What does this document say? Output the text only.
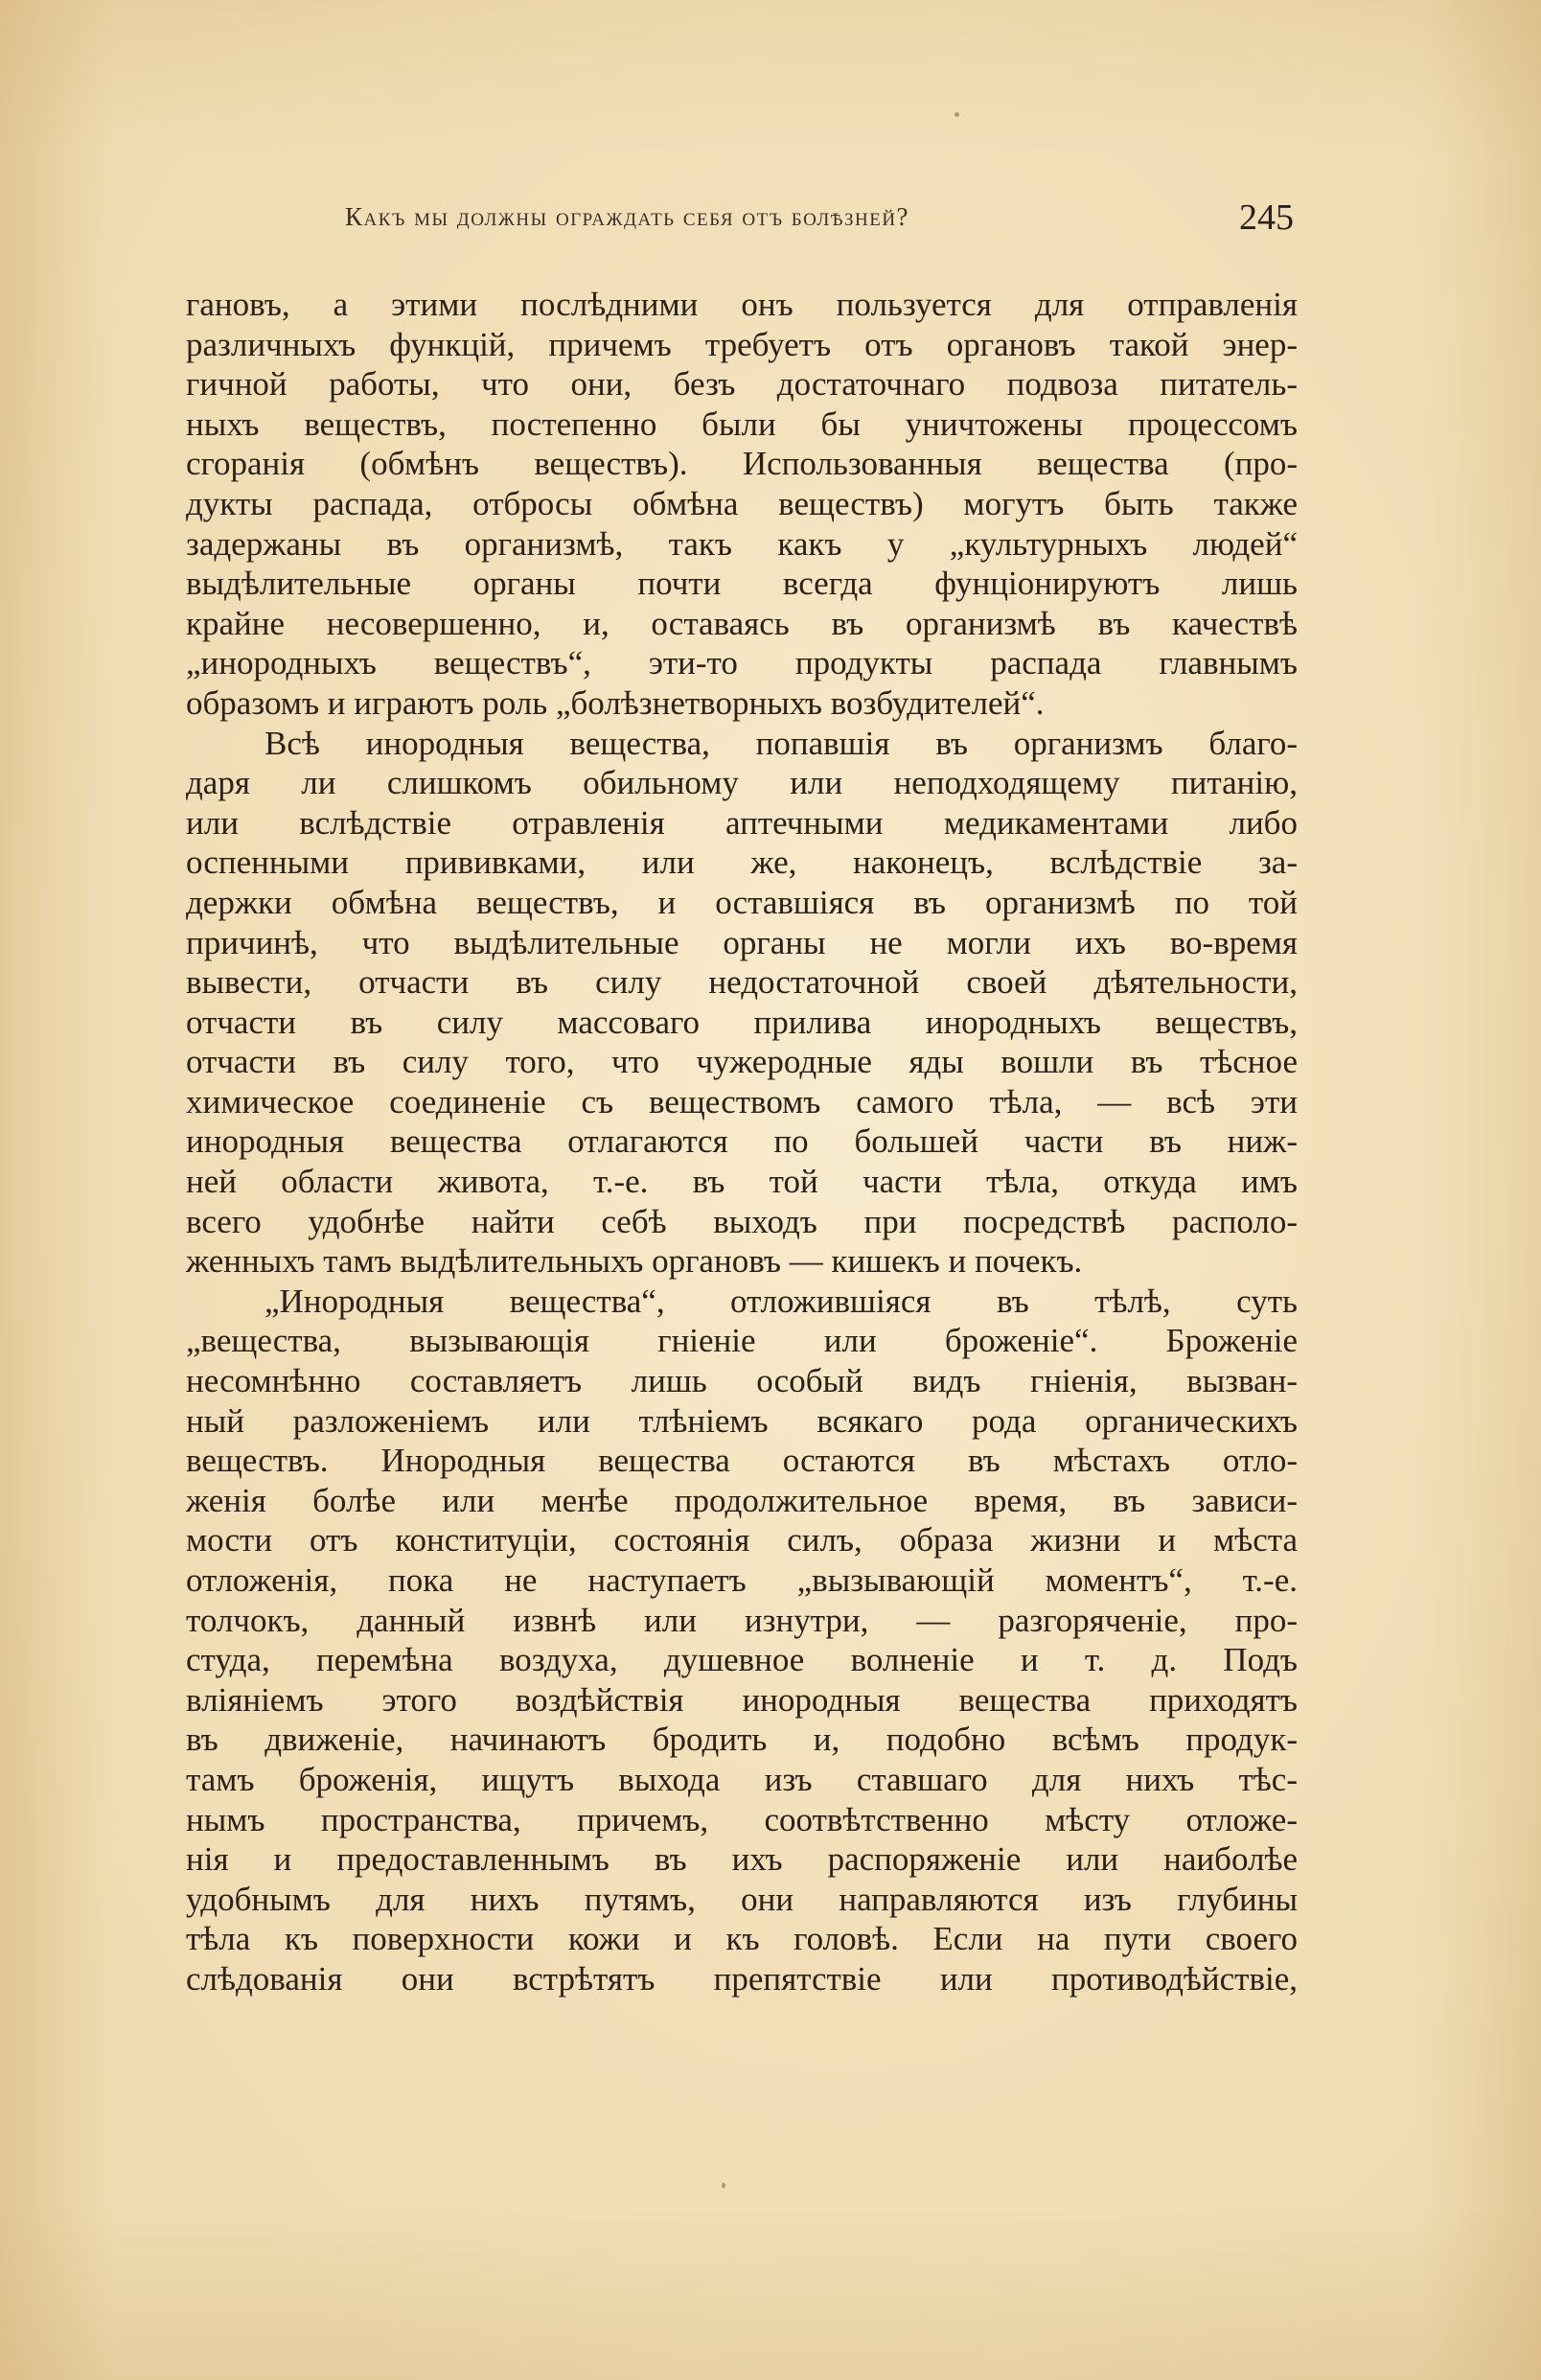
Какъ мы должны ограждать себя отъ болѣзней?	245
гановъ, а этими послѣдними онъ пользуется для отправленія
различныхъ функцій, причемъ требуетъ отъ органовъ такой энер-
гичной работы, что они, безъ достаточнаго подвоза питатель-
ныхъ веществъ, постепенно были бы уничтожены процессомъ
сгоранія (обмѣнъ веществъ). Использованныя вещества (про-
дукты распада, отбросы обмѣна веществъ) могутъ быть также
задержаны въ организмѣ, такъ какъ у „культурныхъ людей“
выдѣлительные органы почти всегда фунціонируютъ лишь
крайне несовершенно, и, оставаясь въ организмѣ въ качествѣ
„инородныхъ веществъ“, эти-то продукты распада главнымъ
образомъ и играютъ роль „болѣзнетворныхъ возбудителей“.
Всѣ инородныя вещества, попавшія въ организмъ благо-
даря ли слишкомъ обильному или неподходящему питанію,
или вслѣдствіе отравленія аптечными медикаментами либо
оспенными прививками, или же, наконецъ, вслѣдствіе за-
держки обмѣна веществъ, и оставшіяся въ организмѣ по той
причинѣ, что выдѣлительные органы не могли ихъ во-время
вывести, отчасти въ силу недостаточной своей дѣятельности,
отчасти въ силу массоваго прилива инородныхъ веществъ,
отчасти въ силу того, что чужеродные яды вошли въ тѣсное
химическое соединеніе съ веществомъ самого тѣла, — всѣ эти
инородныя вещества отлагаются по большей части въ ниж-
ней области живота, т.-е. въ той части тѣла, откуда имъ
всего удобнѣе найти себѣ выходъ при посредствѣ располо-
женныхъ тамъ выдѣлительныхъ органовъ — кишекъ и почекъ.
„Инородныя вещества“, отложившіяся въ тѣлѣ, суть
„вещества, вызывающія гніеніе или броженіе“. Броженіе
несомнѣнно составляетъ лишь особый видъ гніенія, вызван-
ный разложеніемъ или тлѣніемъ всякаго рода органическихъ
веществъ. Инородныя вещества остаются въ мѣстахъ отло-
женія болѣе или менѣе продолжительное время, въ зависи-
мости отъ конституціи, состоянія силъ, образа жизни и мѣста
отложенія, пока не наступаетъ „вызывающій моментъ“, т.-е.
толчокъ, данный извнѣ или изнутри, — разгоряченіе, про-
студа, перемѣна воздуха, душевное волненіе и т. д. Подъ
вліяніемъ этого воздѣйствія инородныя вещества приходятъ
въ движеніе, начинаютъ бродить и, подобно всѣмъ продук-
тамъ броженія, ищутъ выхода изъ ставшаго для нихъ тѣс-
нымъ пространства, причемъ, соотвѣтственно мѣсту отложе-
нія и предоставленнымъ въ ихъ распоряженіе или наиболѣе
удобнымъ для нихъ путямъ, они направляются изъ глубины
тѣла къ поверхности кожи и къ головѣ. Если на пути своего
слѣдованія они встрѣтятъ препятствіе или противодѣйствіе,
